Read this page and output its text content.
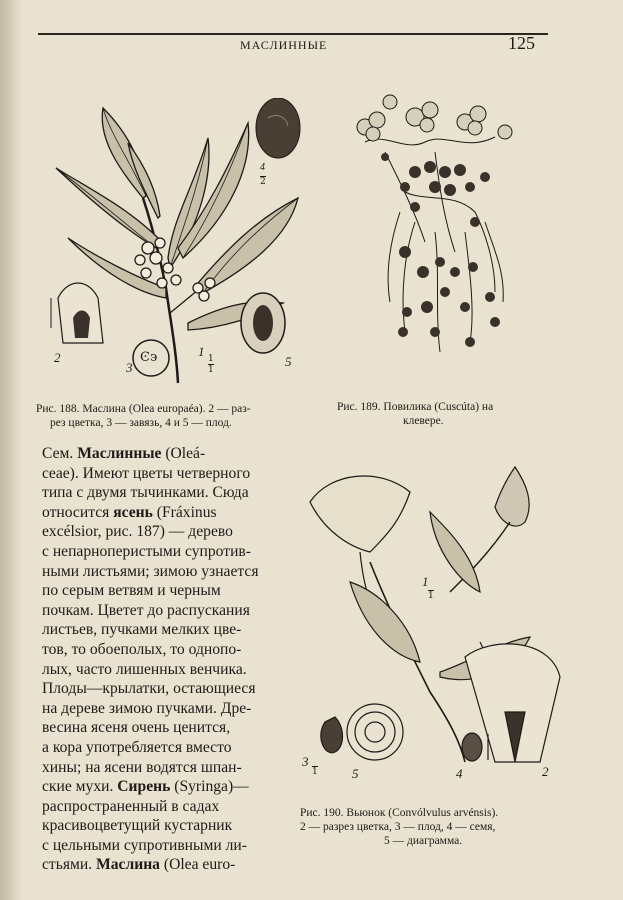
МАСЛИННЫЕ	125
2
3
Ͼ϶	1 1
1
4
2
5
Рис. 188. Маслина (Olea europaéa). 2 — раз-
рез цветка, 3 — завязь, 4 и 5 — плод.
Рис. 189. Повилика (Cuscúta) на
клевере.
Сем. Маслинные (Oleá-
ceae). Имеют цветы четверного
типа с двумя тычинками. Сюда
относится ясень (Fráxinus
excélsior, рис. 187) — дерево
с непарноперистыми супротив-
ными листьями; зимою узнается
по серым ветвям и черным
почкам. Цветет до распускания
листьев, пучками мелких цве-
тов, то обоеполых, то однопо-
лых, часто лишенных венчика.
Плоды—крылатки, остающиеся
на дереве зимою пучками. Дре-
весина ясеня очень ценится,
а кора употребляется вместо
хины; на ясени водятся шпан-
ские мухи. Сирень (Syringa)—
распространенный в садах
красивоцветущий кустарник
с цельными супротивными ли-
стьями. Маслина (Olea euro-
1
1
2
3
1	4
5
Рис. 190. Вьюнок (Convólvulus arvénsis).
2 — разрез цветка, 3 — плод, 4 — семя,
5 — диаграмма.
